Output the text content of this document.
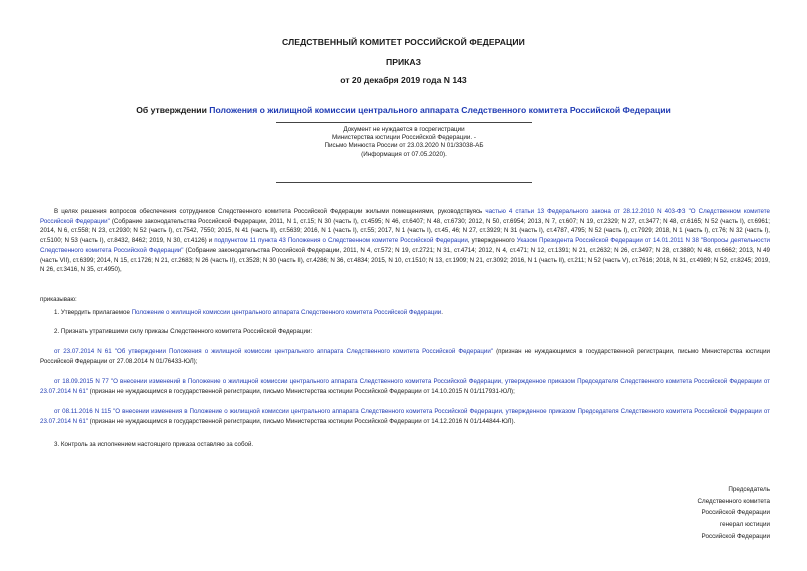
СЛЕДСТВЕННЫЙ КОМИТЕТ РОССИЙСКОЙ ФЕДЕРАЦИИ
ПРИКАЗ
от 20 декабря 2019 года N 143
Об утверждении Положения о жилищной комиссии центрального аппарата Следственного комитета Российской Федерации
Документ не нуждается в госрегистрации
Министерства юстиции Российской Федерации. -
Письмо Минюста России от 23.03.2020 N 01/33038-АБ
(Информация от 07.05.2020).
В целях решения вопросов обеспечения сотрудников Следственного комитета Российской Федерации жилыми помещениями, руководствуясь частью 4 статьи 13 Федерального закона от 28.12.2010 N 403-ФЗ "О Следственном комитете Российской Федерации" (Собрание законодательства Российской Федерации, 2011, N 1, ст.15; N 30 (часть I), ст.4595; N 46, ст.6407; N 48, ст.6730; 2012, N 50, ст.6954; 2013, N 7, ст.607; N 19, ст.2329; N 27, ст.3477; N 48, ст.6165; N 52 (часть I), ст.6961; 2014, N 6, ст.558; N 23, ст.2930; N 52 (часть I), ст.7542, 7550; 2015, N 41 (часть II), ст.5639; 2016, N 1 (часть I), ст.55; 2017, N 1 (часть I), ст.45, 46; N 27, ст.3929; N 31 (часть I), ст.4787, 4795; N 52 (часть I), ст.7929; 2018, N 1 (часть I), ст.76; N 32 (часть I), ст.5100; N 53 (часть I), ст.8432, 8462; 2019, N 30, ст.4126) и подпунктом 11 пункта 43 Положения о Следственном комитете Российской Федерации, утвержденного Указом Президента Российской Федерации от 14.01.2011 N 38 "Вопросы деятельности Следственного комитета Российской Федерации" (Собрание законодательства Российской Федерации, 2011, N 4, ст.572; N 19, ст.2721; N 31, ст.4714; 2012, N 4, ст.471; N 12, ст.1391; N 21, ст.2632; N 26, ст.3497; N 28, ст.3880; N 48, ст.6662; 2013, N 49 (часть VII), ст.6399; 2014, N 15, ст.1726; N 21, ст.2683; N 26 (часть II), ст.3528; N 30 (часть II), ст.4286; N 36, ст.4834; 2015, N 10, ст.1510; N 13, ст.1909; N 21, ст.3092; 2016, N 1 (часть II), ст.211; N 52 (часть V), ст.7616; 2018, N 31, ст.4989; N 52, ст.8245; 2019, N 26, ст.3416, N 35, ст.4950),
приказываю:
1. Утвердить прилагаемое Положение о жилищной комиссии центрального аппарата Следственного комитета Российской Федерации.
2. Признать утратившими силу приказы Следственного комитета Российской Федерации:
от 23.07.2014 N 61 "Об утверждении Положения о жилищной комиссии центрального аппарата Следственного комитета Российской Федерации" (признан не нуждающимся в государственной регистрации, письмо Министерства юстиции Российской Федерации от 27.08.2014 N 01/76433-ЮЛ);
от 18.09.2015 N 77 "О внесении изменений в Положение о жилищной комиссии центрального аппарата Следственного комитета Российской Федерации, утвержденное приказом Председателя Следственного комитета Российской Федерации от 23.07.2014 N 61" (признан не нуждающимся в государственной регистрации, письмо Министерства юстиции Российской Федерации от 14.10.2015 N 01/117931-ЮЛ);
от 08.11.2016 N 115 "О внесении изменения в Положение о жилищной комиссии центрального аппарата Следственного комитета Российской Федерации, утвержденное приказом Председателя Следственного комитета Российской Федерации от 23.07.2014 N 61" (признан не нуждающимся в государственной регистрации, письмо Министерства юстиции Российской Федерации от 14.12.2016 N 01/144844-ЮЛ).
3. Контроль за исполнением настоящего приказа оставляю за собой.
Председатель
Следственного комитета
Российской Федерации
генерал юстиции
Российской Федерации
